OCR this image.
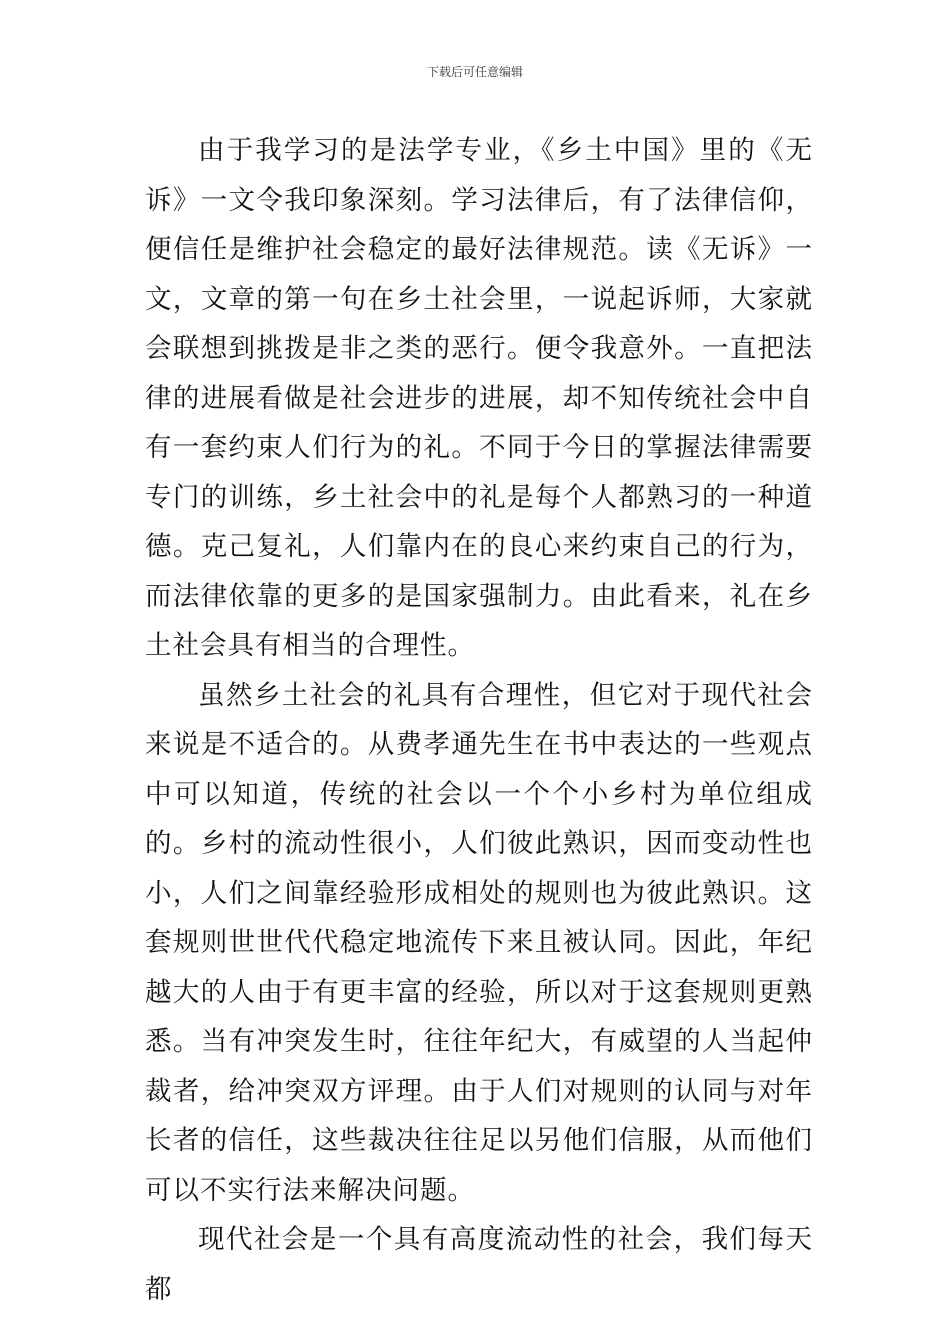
下载后可任意编辑

由于我学习的是法学专业，《乡土中国》里的《无诉》一文令我印象深刻。学习法律后，有了法律信仰，便信任是维护社会稳定的最好法律规范。读《无诉》一文，文章的第一句在乡土社会里，一说起诉师，大家就会联想到挑拨是非之类的恶行。便令我意外。一直把法律的进展看做是社会进步的进展，却不知传统社会中自有一套约束人们行为的礼。不同于今日的掌握法律需要专门的训练，乡土社会中的礼是每个人都熟习的一种道德。克己复礼，人们靠内在的良心来约束自己的行为，而法律依靠的更多的是国家强制力。由此看来，礼在乡土社会具有相当的合理性。

虽然乡土社会的礼具有合理性，但它对于现代社会来说是不适合的。从费孝通先生在书中表达的一些观点中可以知道，传统的社会以一个个小乡村为单位组成的。乡村的流动性很小，人们彼此熟识，因而变动性也小，人们之间靠经验形成相处的规则也为彼此熟识。这套规则世世代代稳定地流传下来且被认同。因此，年纪越大的人由于有更丰富的经验，所以对于这套规则更熟悉。当有冲突发生时，往往年纪大，有威望的人当起仲裁者，给冲突双方评理。由于人们对规则的认同与对年长者的信任，这些裁决往往足以另他们信服，从而他们可以不实行法来解决问题。

现代社会是一个具有高度流动性的社会，我们每天都
